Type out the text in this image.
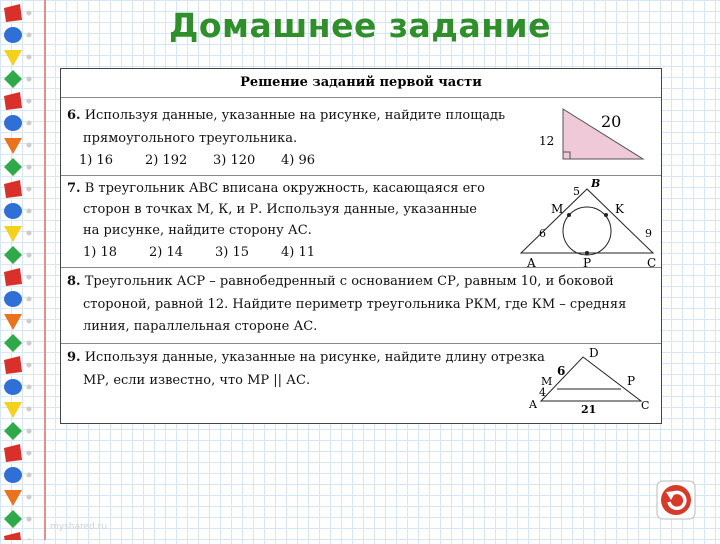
Домашнее задание
Решение заданий первой части
6. Используя данные, указанные на рисунке, найдите площадь
прямоугольного треугольника.
1) 16 2) 192 3) 120 4) 96
20
12
7. В треугольник АВС вписана окружность, касающаяся его
сторон в точках М, К, и Р. Используя данные, указанные
на рисунке, найдите сторону АС.
1) 18 2) 14 3) 15 4) 11
B
5
M	K
6	9
A	P	C
8. Треугольник АСР – равнобедренный с основанием СР, равным 10, и боковой
стороной, равной 12. Найдите периметр треугольника РКМ, где КМ – средняя
линия, параллельная стороне АС.
9. Используя данные, указанные на рисунке, найдите длину отрезка
МР, если известно, что МР || АС.
D
6
M	P
4
A	21	C
myshared.ru
